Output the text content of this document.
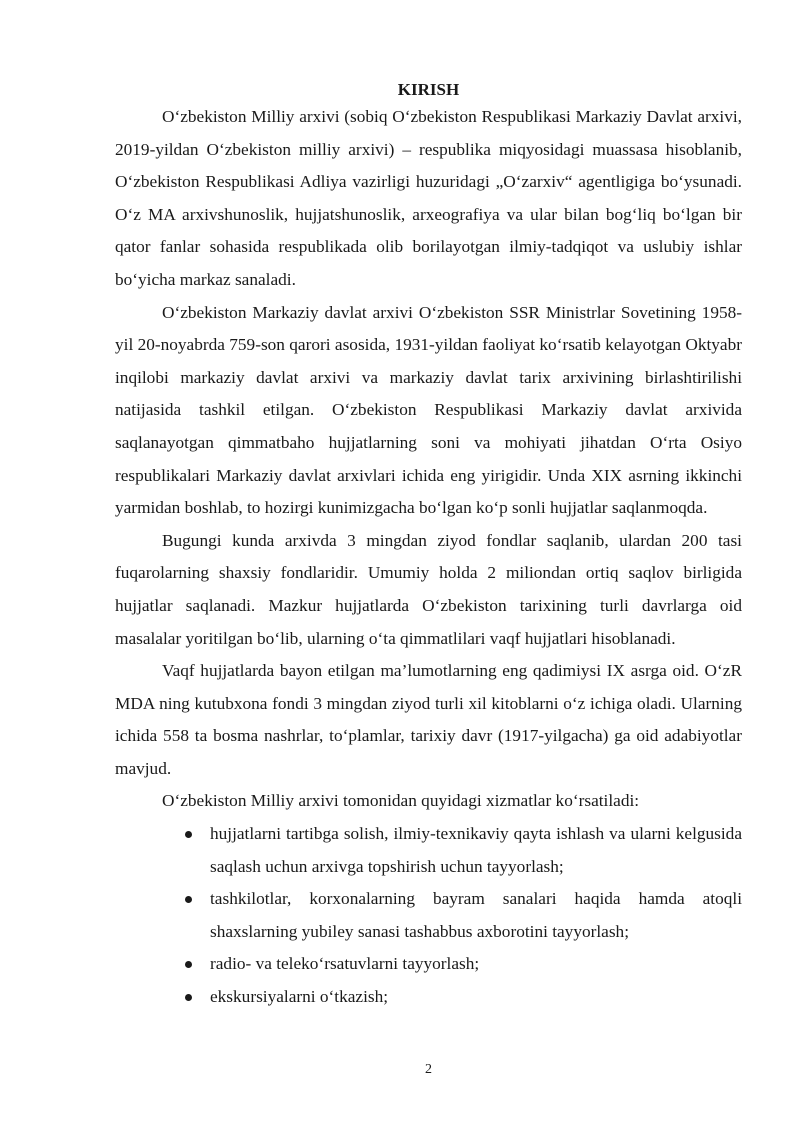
KIRISH

O‘zbekiston Milliy arxivi (sobiq O‘zbekiston Respublikasi Markaziy Davlat arxivi, 2019-yildan O‘zbekiston milliy arxivi) – respublika miqyosidagi muassasa hisoblanib, O‘zbekiston Respublikasi Adliya vazirligi huzuridagi „O‘zarxiv“ agentligiga bo‘ysunadi. O‘z MA arxivshunoslik, hujjatshunoslik, arxeografiya va ular bilan bog‘liq bo‘lgan bir qator fanlar sohasida respublikada olib borilayotgan ilmiy-tadqiqot va uslubiy ishlar bo‘yicha markaz sanaladi.

O‘zbekiston Markaziy davlat arxivi O‘zbekiston SSR Ministrlar Sovetining 1958-yil 20-noyabrda 759-son qarori asosida, 1931-yildan faoliyat ko‘rsatib kelayotgan Oktyabr inqilobi markaziy davlat arxivi va markaziy davlat tarix arxivining birlashtirilishi natijasida tashkil etilgan. O‘zbekiston Respublikasi Markaziy davlat arxivida saqlanayotgan qimmatbaho hujjatlarning soni va mohiyati jihatdan O‘rta Osiyo respublikalari Markaziy davlat arxivlari ichida eng yirigidir. Unda XIX asrning ikkinchi yarmidan boshlab, to hozirgi kunimizgacha bo‘lgan ko‘p sonli hujjatlar saqlanmoqda.

Bugungi kunda arxivda 3 mingdan ziyod fondlar saqlanib, ulardan 200 tasi fuqarolarning shaxsiy fondlaridir. Umumiy holda 2 miliondan ortiq saqlov birligida hujjatlar saqlanadi. Mazkur hujjatlarda O‘zbekiston tarixining turli davrlarga oid masalalar yoritilgan bo‘lib, ularning o‘ta qimmatlilari vaqf hujjatlari hisoblanadi.

Vaqf hujjatlarda bayon etilgan ma’lumotlarning eng qadimiysi IX asrga oid. O‘zR MDA ning kutubxona fondi 3 mingdan ziyod turli xil kitoblarni o‘z ichiga oladi. Ularning ichida 558 ta bosma nashrlar, to‘plamlar, tarixiy davr (1917-yilgacha) ga oid adabiyotlar mavjud.

O‘zbekiston Milliy arxivi tomonidan quyidagi xizmatlar ko‘rsatiladi:

hujjatlarni tartibga solish, ilmiy-texnikaviy qayta ishlash va ularni kelgusida saqlash uchun arxivga topshirish uchun tayyorlash;
tashkilotlar, korxonalarning bayram sanalari haqida hamda atoqli shaxslarning yubiley sanasi tashabbus axborotini tayyorlash;
radio- va teleko‘rsatuvlarni tayyorlash;
ekskursiyalarni o‘tkazish;

2
